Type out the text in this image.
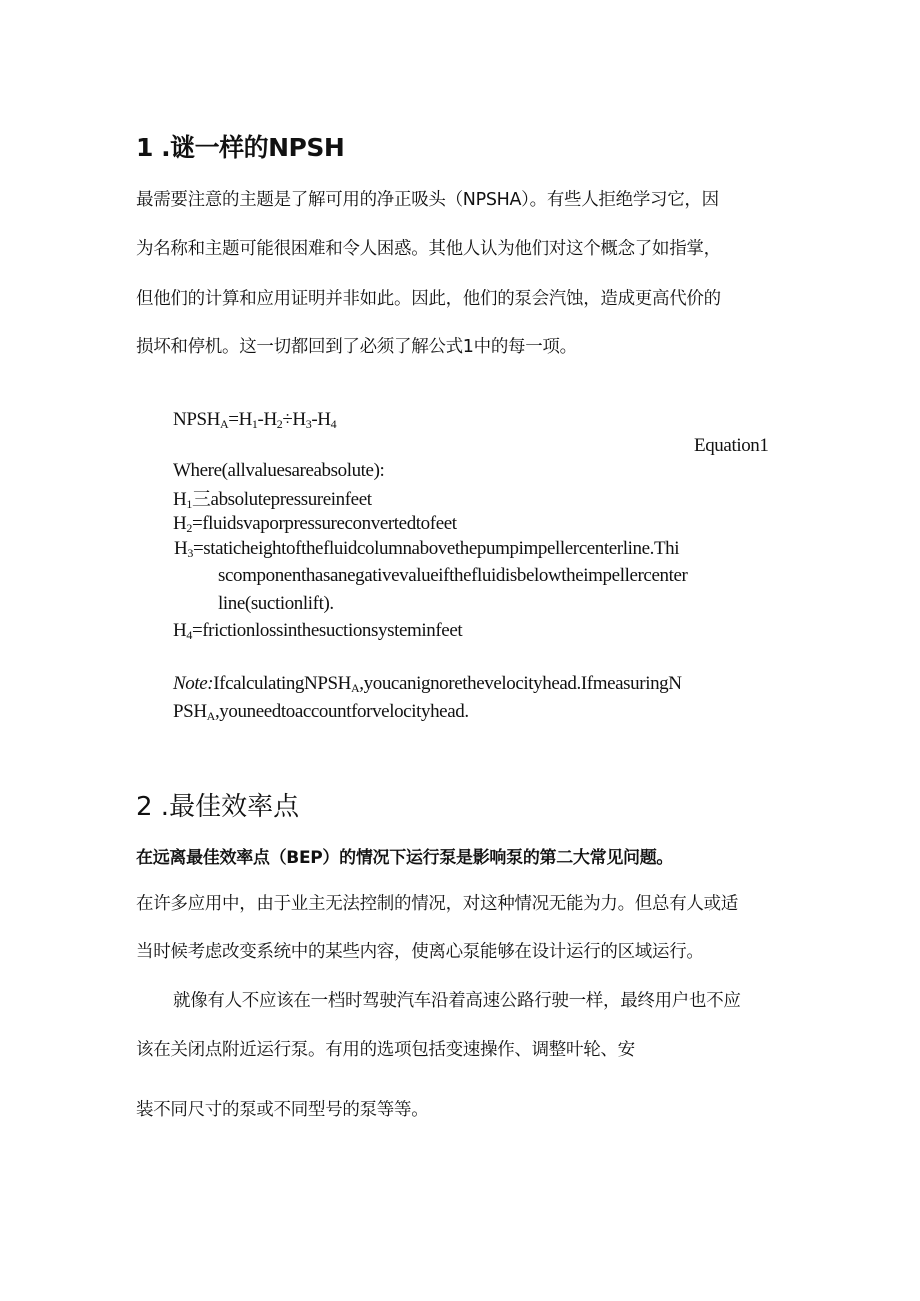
1 .谜一样的NPSH
最需要注意的主题是了解可用的净正吸头（NPSHA）。有些人拒绝学习它，因
为名称和主题可能很困难和令人困惑。其他人认为他们对这个概念了如指掌，
但他们的计算和应用证明并非如此。因此，他们的泵会汽蚀，造成更高代价的
损坏和停机。这一切都回到了必须了解公式1中的每一项。
$NPSH_A=H_1-H_2\div H_3-H_4$
Equation1
Where(allvaluesareabsolute):
$H_1$三absolutepressureinfeet
$H_2=fluidsvaporpressureconvertedtofeet$
$H_3=staticheightofthefluidcolumnabovethepumpimpellercenterline.Thi$
scomponenthasanegativevalueifthefluidisbelowtheimpellercenter
line(suctionlift).
$H_4=frictionlossinthesuctionsysteminfeet$
Note:IfcalculatingNPSH$_A$,youcanignorethevelocityhead.IfmeasuringN
$PSH_A,youneedtoaccountforvelocityhead$.
2 .最佳效率点
在远离最佳效率点（BEP）的情况下运行泵是影响泵的第二大常见问题。
在许多应用中，由于业主无法控制的情况，对这种情况无能为力。但总有人或适
当时候考虑改变系统中的某些内容，使离心泵能够在设计运行的区域运行。
就像有人不应该在一档时驾驶汽车沿着高速公路行驶一样，最终用户也不应
该在关闭点附近运行泵。有用的选项包括变速操作、调整叶轮、安
装不同尺寸的泵或不同型号的泵等等。
